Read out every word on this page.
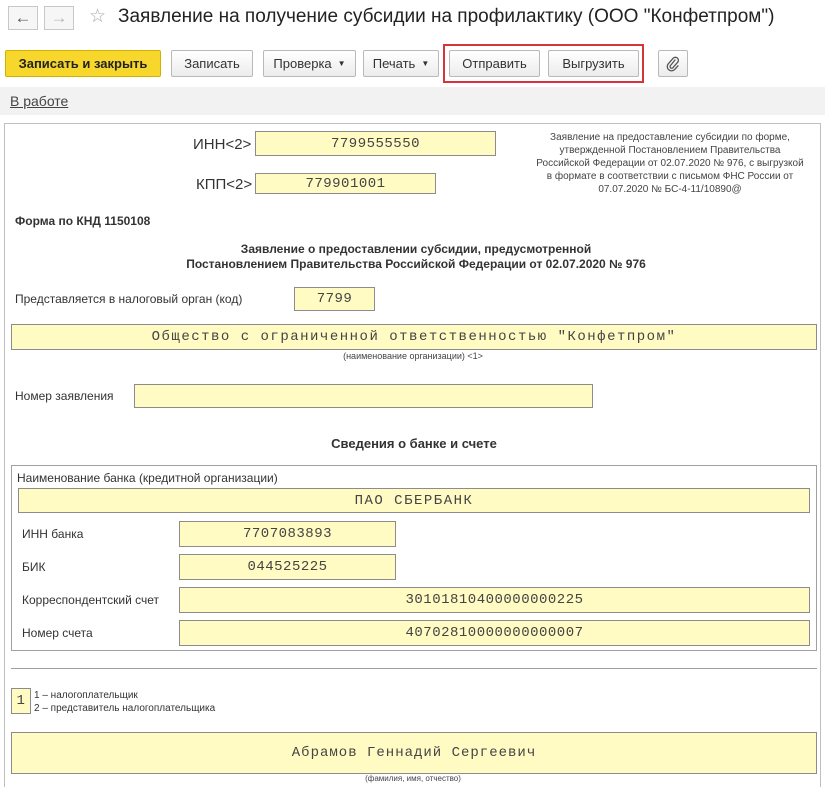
← → ☆ Заявление на получение субсидии на профилактику (ООО "Конфетпром")
Записать и закрыть	Записать	Проверка ▼ Печать ▼	Отправить	Выгрузить
В работе
ИНН<2>	7799555550
КПП<2>	779901001
Заявление на предоставление субсидии по форме, утвержденной Постановлением Правительства Российской Федерации от 02.07.2020 № 976, с выгрузкой в формате в соответствии с письмом ФНС России от 07.07.2020 № БС-4-11/10890@
Форма по КНД 1150108
Заявление о предоставлении субсидии, предусмотренной
Постановлением Правительства Российской Федерации от 02.07.2020 № 976
Представляется в налоговый орган (код)	7799
Общество с ограниченной ответственностью "Конфетпром"
(наименование организации) <1>
Номер заявления
Сведения о банке и счете
Наименование банка (кредитной организации)
ПАО СБЕРБАНК
ИНН банка	7707083893
БИК	044525225
Корреспондентский счет	30101810400000000225
Номер счета	40702810000000000007
1 1 – налогоплательщик
2 – представитель налогоплательщика
Абрамов Геннадий Сергеевич
(фамилия, имя, отчество)
